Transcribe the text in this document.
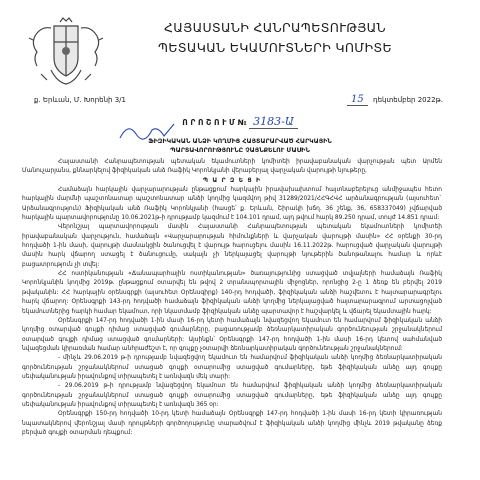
ՀԱՅԱՍՏԱՆԻ ՀԱՆՐԱՊԵՏՈՒԹՅԱՆ
ՊԵՏԱԿԱՆ ԵԿԱՄՈՒՏՆԵՐԻ ԿՈՄԻՏԵ
ք. Երևան, Մ. Խորենի 3/1	15 դեկտեմբեր 2022թ.
Ո Ր Ո Շ Ո Ւ Մ № 3183-Ա
ՖԻԶԻԿԱԿԱՆ ԱՆՁԻ ԿՈՂՄԻՑ ՀԱՅՏԱՐԱՐՎԱԾ ՀԱՐԿԱՅԻՆ
ՊԱՐՏԱՎՈՐՈՒԹՅՈՒՆԸ ՉԱՅՆՔԵԼՈՒ ՄԱՍԻՆ

Հայաստանի Հանրապետության պետական եկամուտների կոմիտեի իրավաբանական վարչության պետ Արմեն Մանուչարյանս, քննարկելով ֆիզիկական անձ Ռաֆիկ Կորոնկյանի վերաբերյալ վարչական վարույթի նյութերը,

Պ Ա Ր Զ Ե Ց Ի

Համաձայն հարկային վարչարարության ընթացքում հարկային իրավախախտում հայտնաբերելուց անմիջապես հետո հարկային մարմնի պաշտոնատար պաշտոնատար անձի կողմից կազմվող թիվ 31289/2021/ՀՀԳՀՎՀ արձանագրության (այսուհետ` Արձանագրություն) Ֆիզիկական անձ Ռաֆիկ Կորոնկյանի (հասցե՝ ք. Երևան, Շիրակի խճղ. 36 շենք, 36, 658337049) չվճարված հարկային պարտավորությունը 10.06.2021թ-ի դրությամբ կազմում է 104.101 դրամ, այդ թվում հարկ 89.250 դրամ, տույժ 14.851 դրամ:

Վերոնշյալ պարտավորության մասին Հայաստանի Հանրապետության պետական եկամուտների կոմիտեի իրավաբանական վարչություն, համաձայն «Վարչարարության հիմունքների և վարչական վարույթի մասին» ՀՀ օրենքի 30-րդ հոդվածի 1-ին մասի, վարույթի մասնակցին ծանուցվել է վարույթ հարուցելու մասին 16.11.2022թ. հարուցված վարչական վարույթի մասին հարկ վճարող ստացել է ծանուցումը, սակայն չի ներկայացել վարույթի նյութերին ծանոթանալու համար և որևէ բացատրություն չի տվել:

ՀՀ ոստիկանության «Ճանապարհային ոստիկանության» ծառայությունից ստացված տվյալների համաձայն Ռաֆիկ Կորոնկյանին կողմից 2019թ. ընթացքում օտարվել են թվով 2 տրանսպորտային միջոցներ, որոնցից 2-ը 1 ձեռք են բերվել 2019 թվականին: ՀՀ հարկային օրենսգրքի (այսուհետ Օրենսգիրք) 140-րդ հոդվածի, ֆիզիկական անձի հաշվետու է հայտարարագրելու հարկ վճարող: Օրենսգրքի 143-րդ հոդվածի համաձայն ֆիզիկական անձի կողմից ներկայացված հայտարարագրում արտացոլված եկամուտներից հարկի համար եկամուտ, որի նկատմամբ ֆիզիկական անձը պարտավոր է հաշվարկել և վճարել եկամտային հարկ:

Օրենսգրքի 147-րդ հոդվածի 1-ին մասի 16-րդ կետի համաձայն նվազեցվող եկամուտ են համարվում ֆիզիկական անձի կողմից օտարված գույքի դիմաց ստացված գումարները, բացառությամբ ձեռնարկատիրական գործունեության շրջանակներում օտարված գույքի դիմաց ստացված գումարների: Այսինքն՝ Օրենսգրքի 147-րդ հոդվածի 1-ին մասի 16-րդ կետով սահմանված նվազեցման կիրառման համար անհրաժեշտ է, որ գույքը չօտարվի ձեռնարկատիրական գործունեության շրջանակներում:

- մինչև 29.06.2019 թ-ի դրությամբ նվազեցվող եկամուտ են համարվում ֆիզիկական անձի կողմից ձեռնարկատիրական գործունեության շրջանակներում ստացած գույքի օտարումից ստացված գումարները, եթե ֆիզիկական անձը այդ գույքը սեփականության իրավունքով տիրապետել է առնվազն մեկ տարի:

- 29.06.2019 թ-ի դրությամբ նվազեցվող եկամուտ են համարվում ֆիզիկական անձի կողմից ձեռնարկատիրական գործունեության շրջանակներում ստացած գույքի օտարումից ստացված գումարները, եթե ֆիզիկական անձը այդ գույքը սեփականության իրավունքով տիրապետել է առնվազն 365 օր:

Օրենսգրքի 150-րդ հոդվածի 10-րդ կետի համաձայն Օրենսգրքի 147-րդ հոդվածի 1-ին մասի 16-րդ կետի կիրառության նպատակներով վերոնշյալ մասի դրույթների գործողությունը տարածվում է ֆիզիկական անձի կողմից մինչև 2019 թվականը ձեռք բերված գույքի օտարման դեպքում:
